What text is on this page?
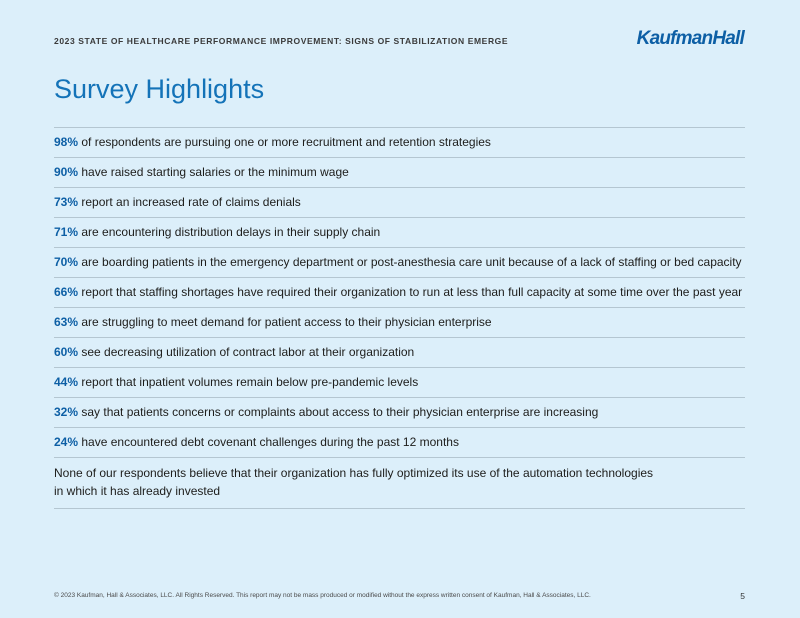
2023 STATE OF HEALTHCARE PERFORMANCE IMPROVEMENT: SIGNS OF STABILIZATION EMERGE	KaufmanHall
Survey Highlights
98% of respondents are pursuing one or more recruitment and retention strategies
90% have raised starting salaries or the minimum wage
73% report an increased rate of claims denials
71% are encountering distribution delays in their supply chain
70% are boarding patients in the emergency department or post-anesthesia care unit because of a lack of staffing or bed capacity
66% report that staffing shortages have required their organization to run at less than full capacity at some time over the past year
63% are struggling to meet demand for patient access to their physician enterprise
60% see decreasing utilization of contract labor at their organization
44% report that inpatient volumes remain below pre-pandemic levels
32% say that patients concerns or complaints about access to their physician enterprise are increasing
24% have encountered debt covenant challenges during the past 12 months
None of our respondents believe that their organization has fully optimized its use of the automation technologies
in which it has already invested
© 2023 Kaufman, Hall & Associates, LLC. All Rights Reserved. This report may not be mass produced or modified without the express written consent of Kaufman, Hall & Associates, LLC.	5
